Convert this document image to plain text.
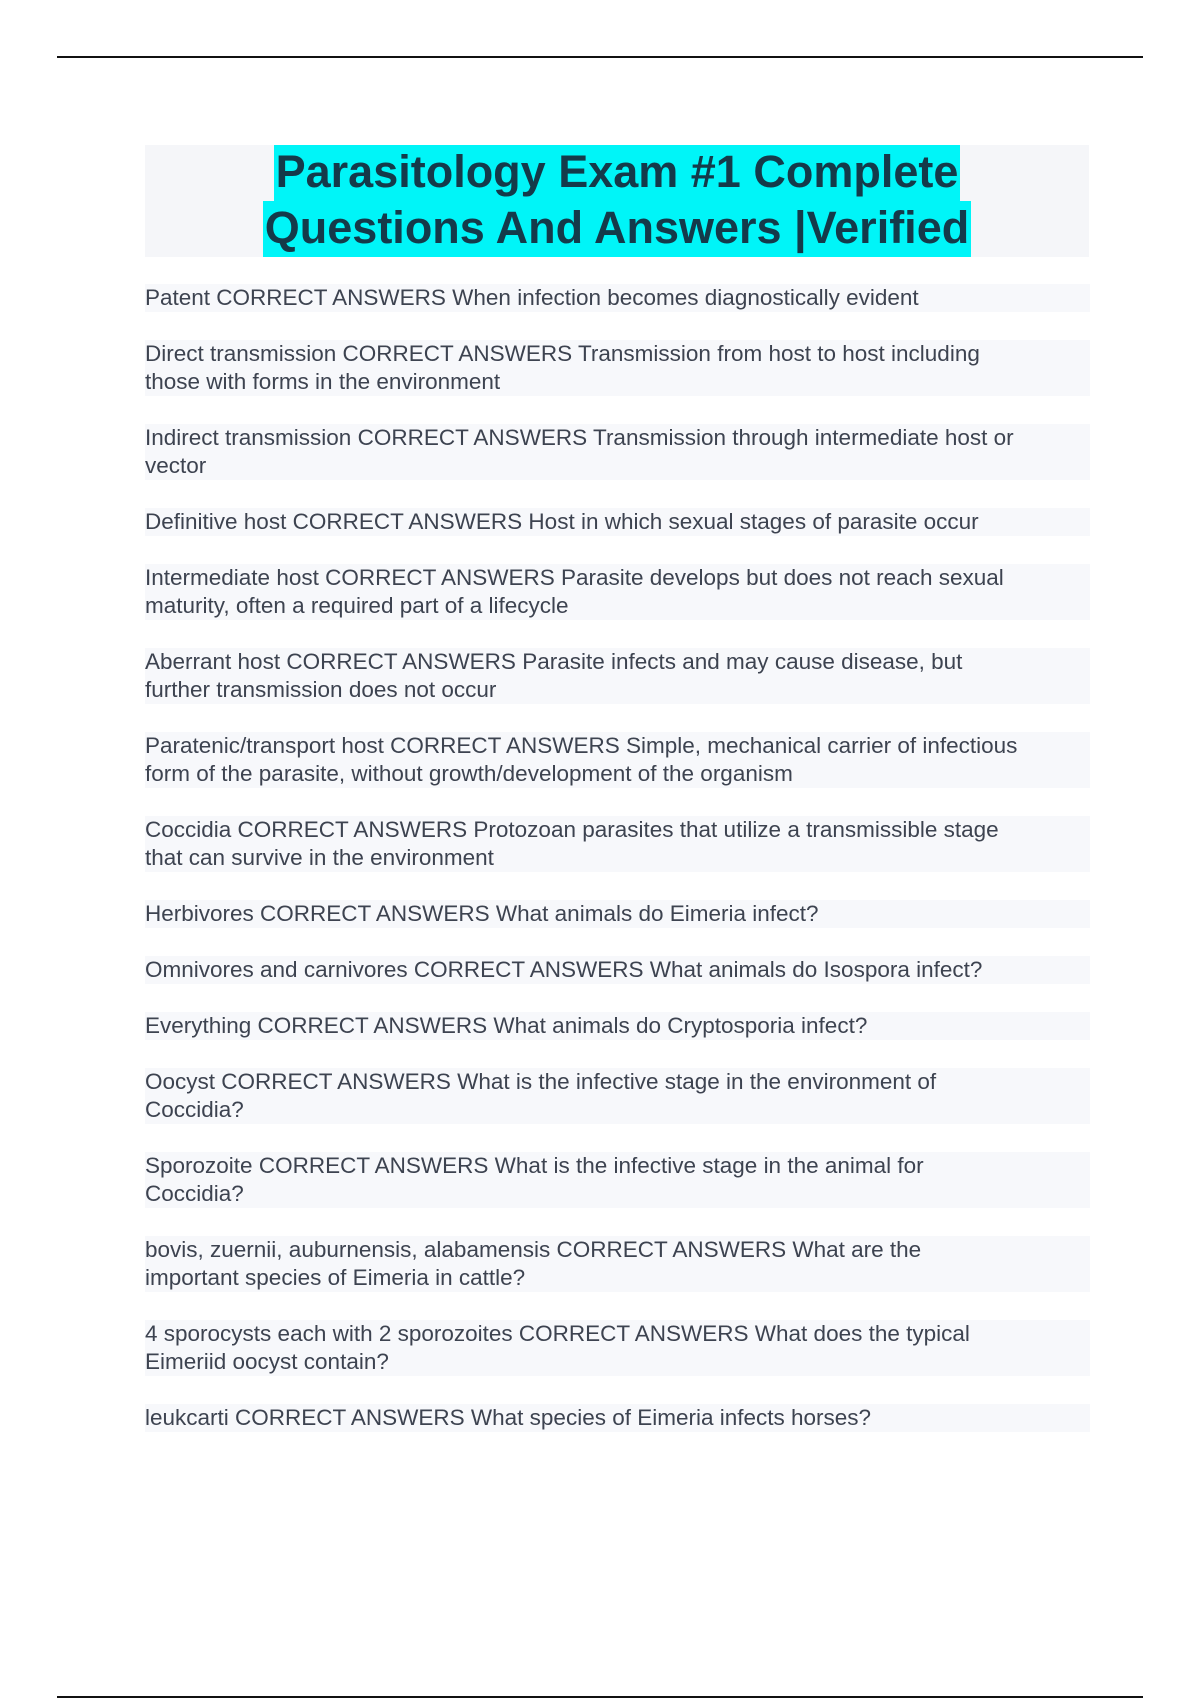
Parasitology Exam #1 Complete
Questions And Answers |Verified
Patent CORRECT ANSWERS When infection becomes diagnostically evident
Direct transmission CORRECT ANSWERS Transmission from host to host including
those with forms in the environment
Indirect transmission CORRECT ANSWERS Transmission through intermediate host or
vector
Definitive host CORRECT ANSWERS Host in which sexual stages of parasite occur
Intermediate host CORRECT ANSWERS Parasite develops but does not reach sexual
maturity, often a required part of a lifecycle
Aberrant host CORRECT ANSWERS Parasite infects and may cause disease, but
further transmission does not occur
Paratenic/transport host CORRECT ANSWERS Simple, mechanical carrier of infectious
form of the parasite, without growth/development of the organism
Coccidia CORRECT ANSWERS Protozoan parasites that utilize a transmissible stage
that can survive in the environment
Herbivores CORRECT ANSWERS What animals do Eimeria infect?
Omnivores and carnivores CORRECT ANSWERS What animals do Isospora infect?
Everything CORRECT ANSWERS What animals do Cryptosporia infect?
Oocyst CORRECT ANSWERS What is the infective stage in the environment of
Coccidia?
Sporozoite CORRECT ANSWERS What is the infective stage in the animal for
Coccidia?
bovis, zuernii, auburnensis, alabamensis CORRECT ANSWERS What are the
important species of Eimeria in cattle?
4 sporocysts each with 2 sporozoites CORRECT ANSWERS What does the typical
Eimeriid oocyst contain?
leukcarti CORRECT ANSWERS What species of Eimeria infects horses?
